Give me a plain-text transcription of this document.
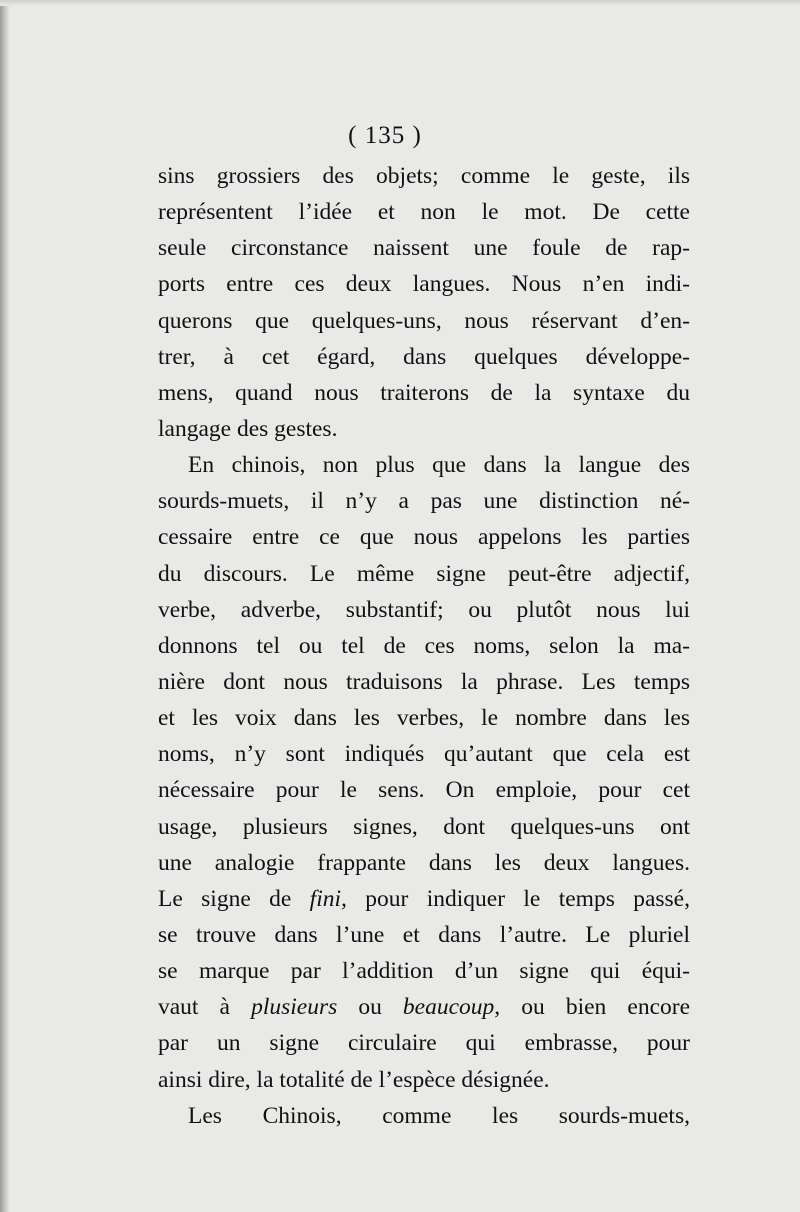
( 135 )
sins grossiers des objets; comme le geste, ils
représentent l’idée et non le mot. De cette
seule circonstance naissent une foule de rap-
ports entre ces deux langues. Nous n’en indi-
querons que quelques-uns, nous réservant d’en-
trer, à cet égard, dans quelques développe-
mens, quand nous traiterons de la syntaxe du
langage des gestes.
En chinois, non plus que dans la langue des
sourds-muets, il n’y a pas une distinction né-
cessaire entre ce que nous appelons les parties
du discours. Le même signe peut-être adjectif,
verbe, adverbe, substantif; ou plutôt nous lui
donnons tel ou tel de ces noms, selon la ma-
nière dont nous traduisons la phrase. Les temps
et les voix dans les verbes, le nombre dans les
noms, n’y sont indiqués qu’autant que cela est
nécessaire pour le sens. On emploie, pour cet
usage, plusieurs signes, dont quelques-uns ont
une analogie frappante dans les deux langues.
Le signe de fini, pour indiquer le temps passé,
se trouve dans l’une et dans l’autre. Le pluriel
se marque par l’addition d’un signe qui équi-
vaut à plusieurs ou beaucoup, ou bien encore
par un signe circulaire qui embrasse, pour
ainsi dire, la totalité de l’espèce désignée.
Les Chinois, comme les sourds-muets,
